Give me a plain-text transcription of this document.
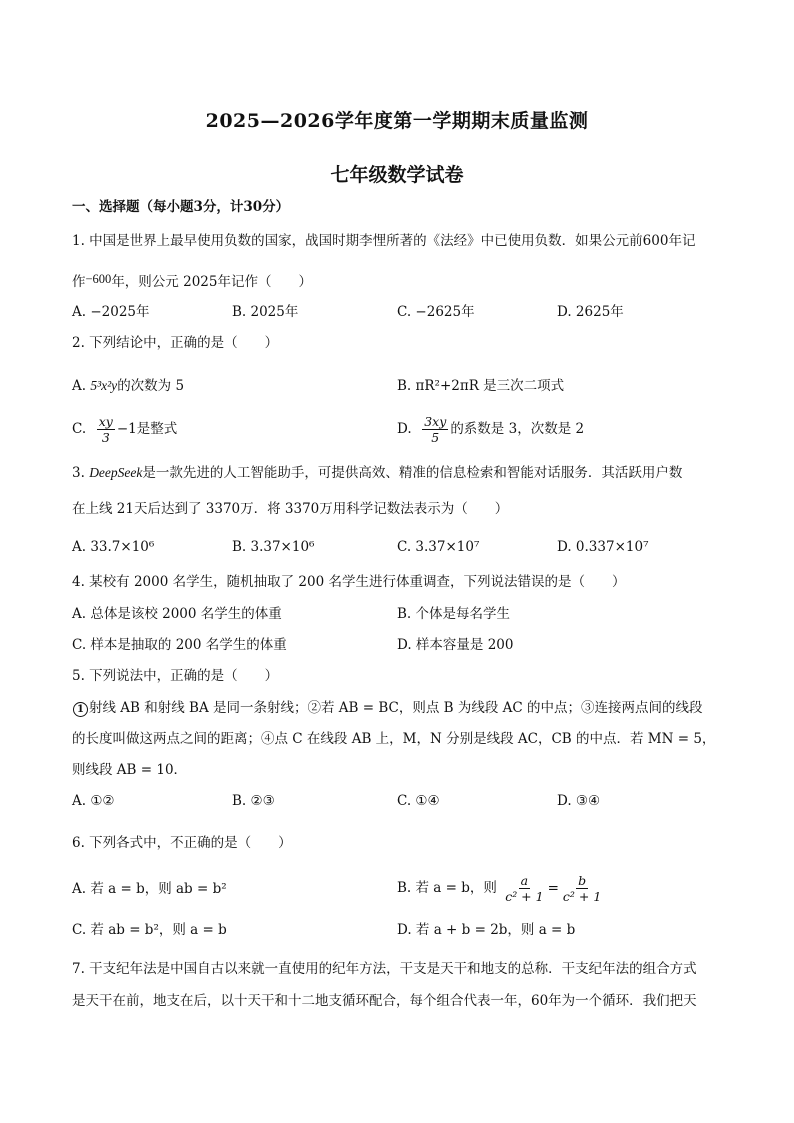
2025—2026学年度第一学期期末质量监测
七年级数学试卷
一、选择题（每小题3分，计30分）
1. 中国是世界上最早使用负数的国家，战国时期李悝所著的《法经》中已使用负数．如果公元前600年记
作−600年，则公元 2025年记作（　　）
A. −2025年	B. 2025年	C. −2625年	D. 2625年
2. 下列结论中，正确的是（　　）
A. 5³x²y的次数为 5	B. πR²+2πR 是三次二项式
C. $\frac{xy}{3} -1$是整式	D. $\frac{3xy}{5}$ 的系数是 3，次数是 2
3. DeepSeek是一款先进的人工智能助手，可提供高效、精准的信息检索和智能对话服务．其活跃用户数
在上线 21天后达到了 3370万．将 3370万用科学记数法表示为（　　）
A. 33.7×10⁶	B. 3.37×10⁶	C. 3.37×10⁷	D. 0.337×10⁷
4. 某校有 2000 名学生，随机抽取了 200 名学生进行体重调查，下列说法错误的是（　　）
A. 总体是该校 2000 名学生的体重	B. 个体是每名学生
C. 样本是抽取的 200 名学生的体重	D. 样本容量是 200
5. 下列说法中，正确的是（　　）
1 射线 AB 和射线 BA 是同一条射线；②若 AB = BC，则点 B 为线段 AC 的中点；③连接两点间的线段
的长度叫做这两点之间的距离；④点 C 在线段 AB 上，M，N 分别是线段 AC，CB 的中点．若 MN = 5，
则线段 AB = 10．
A. ①②	B. ②③	C. ①④	D. ③④
6. 下列各式中，不正确的是（　　）
A. 若 a = b，则 ab = b²	B. 若 a = b，则 $\frac{a}{\text{c² + 1}} = \frac{b}{\text{c² + 1}}$
C. 若 ab = b²，则 a = b	D. 若 a + b = 2b，则 a = b
7. 干支纪年法是中国自古以来就一直使用的纪年方法，干支是天干和地支的总称．干支纪年法的组合方式
是天干在前，地支在后，以十天干和十二地支循环配合，每个组合代表一年，60年为一个循环．我们把天
